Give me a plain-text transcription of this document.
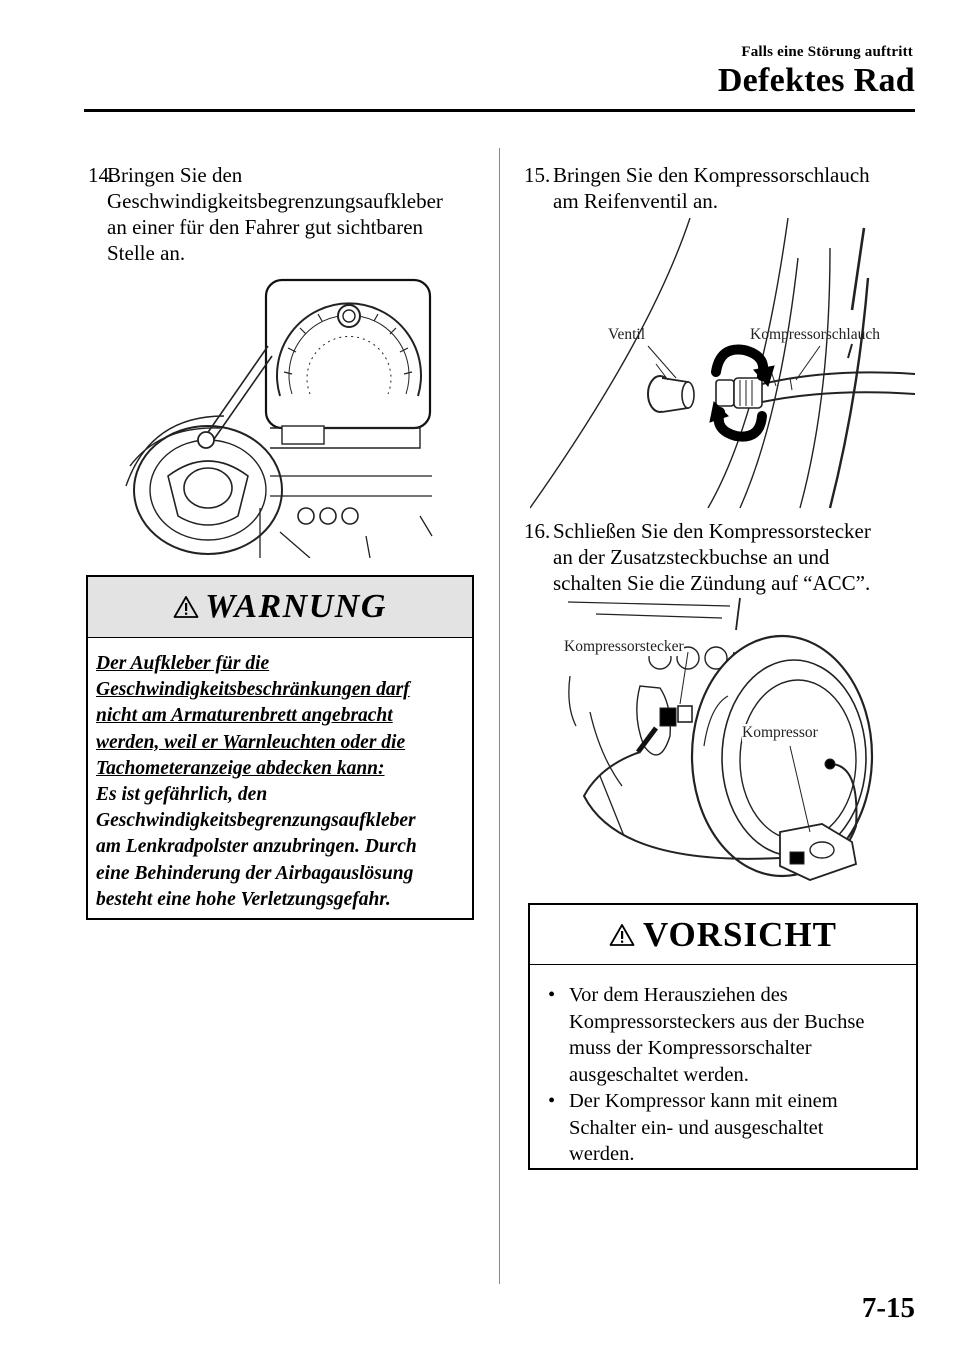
Falls eine Störung auftritt
Defektes Rad
14.
Bringen Sie den
Geschwindigkeitsbegrenzungsaufkleber
an einer für den Fahrer gut sichtbaren
Stelle an.
WARNUNG
Der Aufkleber für die
Geschwindigkeitsbeschränkungen darf
nicht am Armaturenbrett angebracht
werden, weil er Warnleuchten oder die
Tachometeranzeige abdecken kann:
Es ist gefährlich, den
Geschwindigkeitsbegrenzungsaufkleber
am Lenkradpolster anzubringen. Durch
eine Behinderung der Airbagauslösung
besteht eine hohe Verletzungsgefahr.
15. Bringen Sie den Kompressorschlauch
am Reifenventil an.
Ventil	Kompressorschlauch
16. Schließen Sie den Kompressorstecker
an der Zusatzsteckbuchse an und
schalten Sie die Zündung auf “ACC”.
Kompressorstecker
Kompressor
VORSICHT
• Vor dem Herausziehen des
Kompressorsteckers aus der Buchse
muss der Kompressorschalter
ausgeschaltet werden.
• Der Kompressor kann mit einem
Schalter ein- und ausgeschaltet
werden.
7-15
